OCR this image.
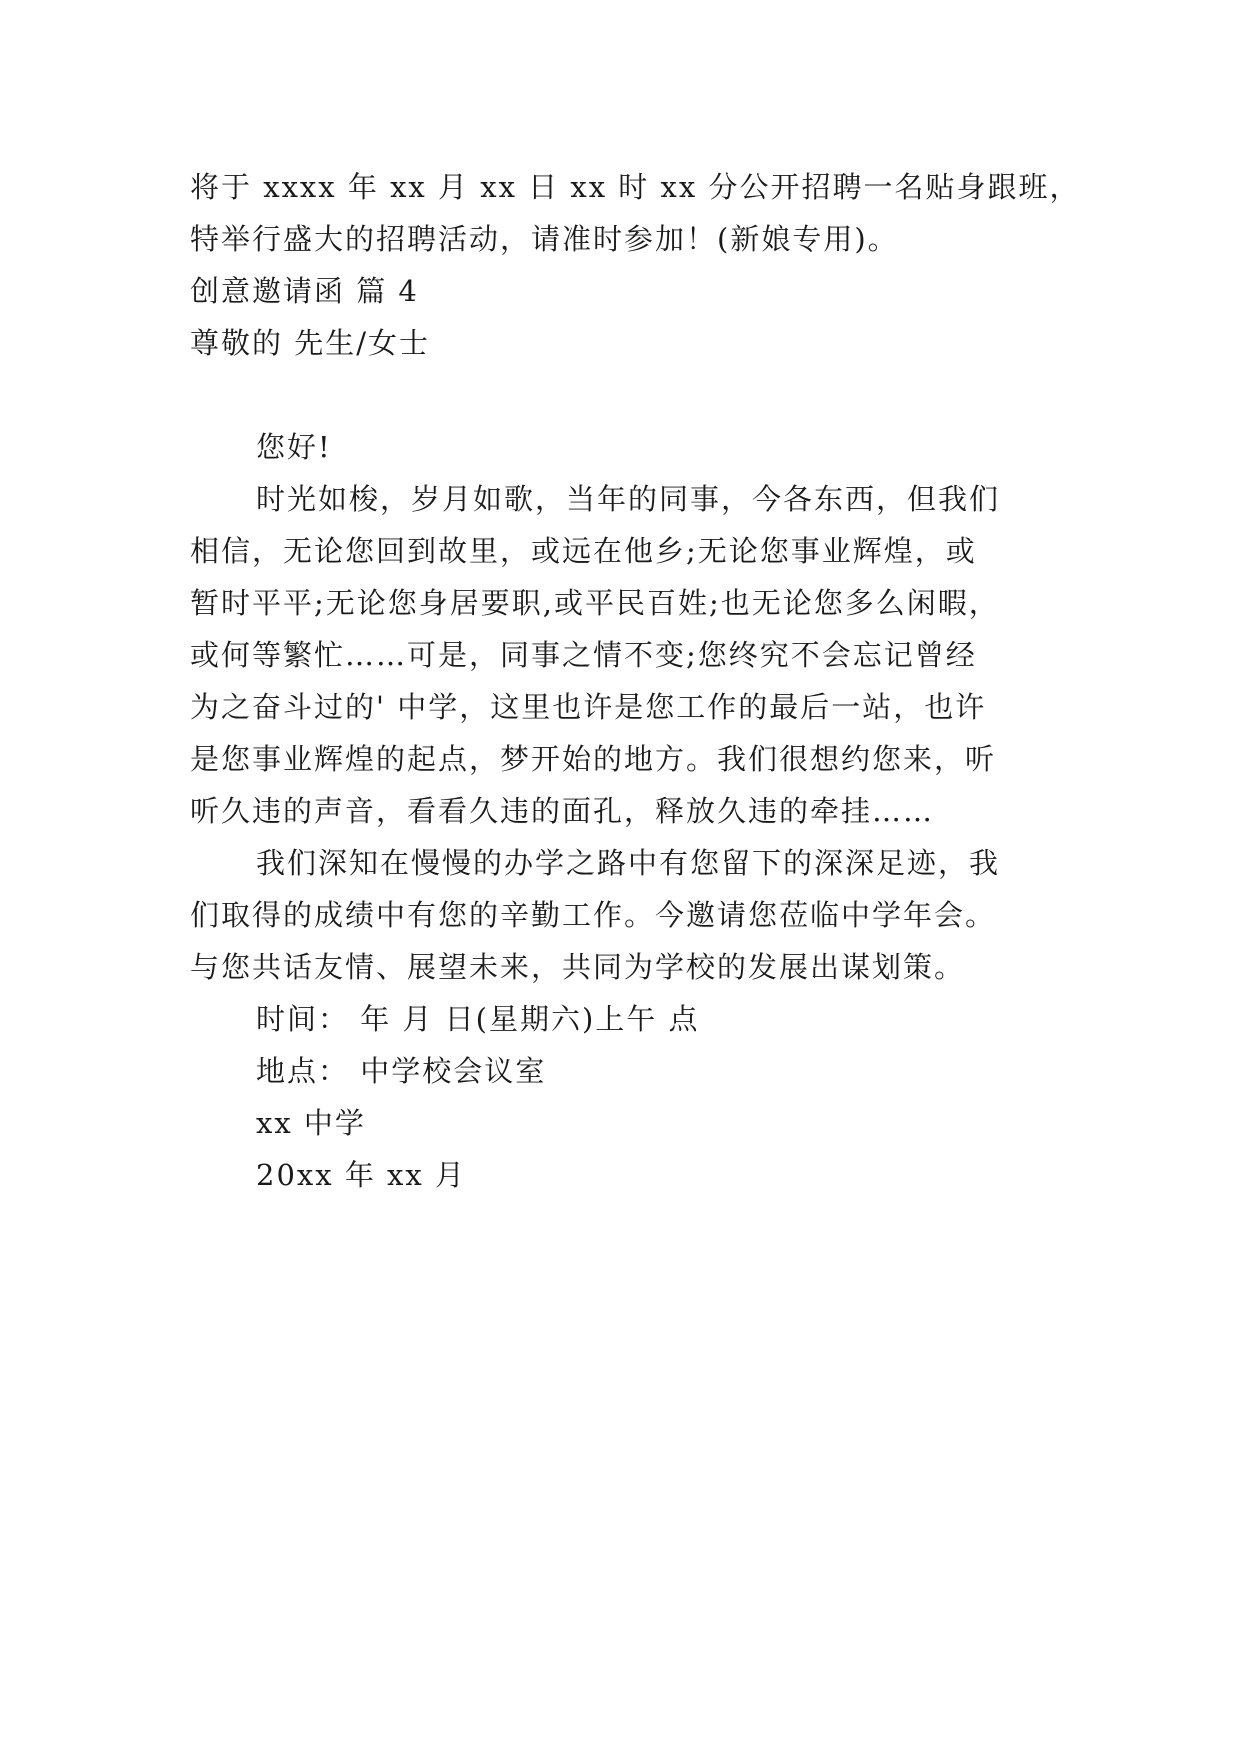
将于 xxxx 年 xx 月 xx 日 xx 时 xx 分公开招聘一名贴身跟班，
特举行盛大的招聘活动，请准时参加！(新娘专用)。
创意邀请函 篇 4
尊敬的 先生/女士
您好!
时光如梭，岁月如歌，当年的同事，今各东西，但我们
相信，无论您回到故里，或远在他乡;无论您事业辉煌，或
暂时平平;无论您身居要职,或平民百姓;也无论您多么闲暇，
或何等繁忙……可是，同事之情不变;您终究不会忘记曾经
为之奋斗过的' 中学，这里也许是您工作的最后一站，也许
是您事业辉煌的起点，梦开始的地方。我们很想约您来，听
听久违的声音，看看久违的面孔，释放久违的牵挂……
我们深知在慢慢的办学之路中有您留下的深深足迹，我
们取得的成绩中有您的辛勤工作。今邀请您莅临中学年会。
与您共话友情、展望未来，共同为学校的发展出谋划策。
时间： 年 月 日(星期六)上午 点
地点： 中学校会议室
xx 中学
20xx 年 xx 月
